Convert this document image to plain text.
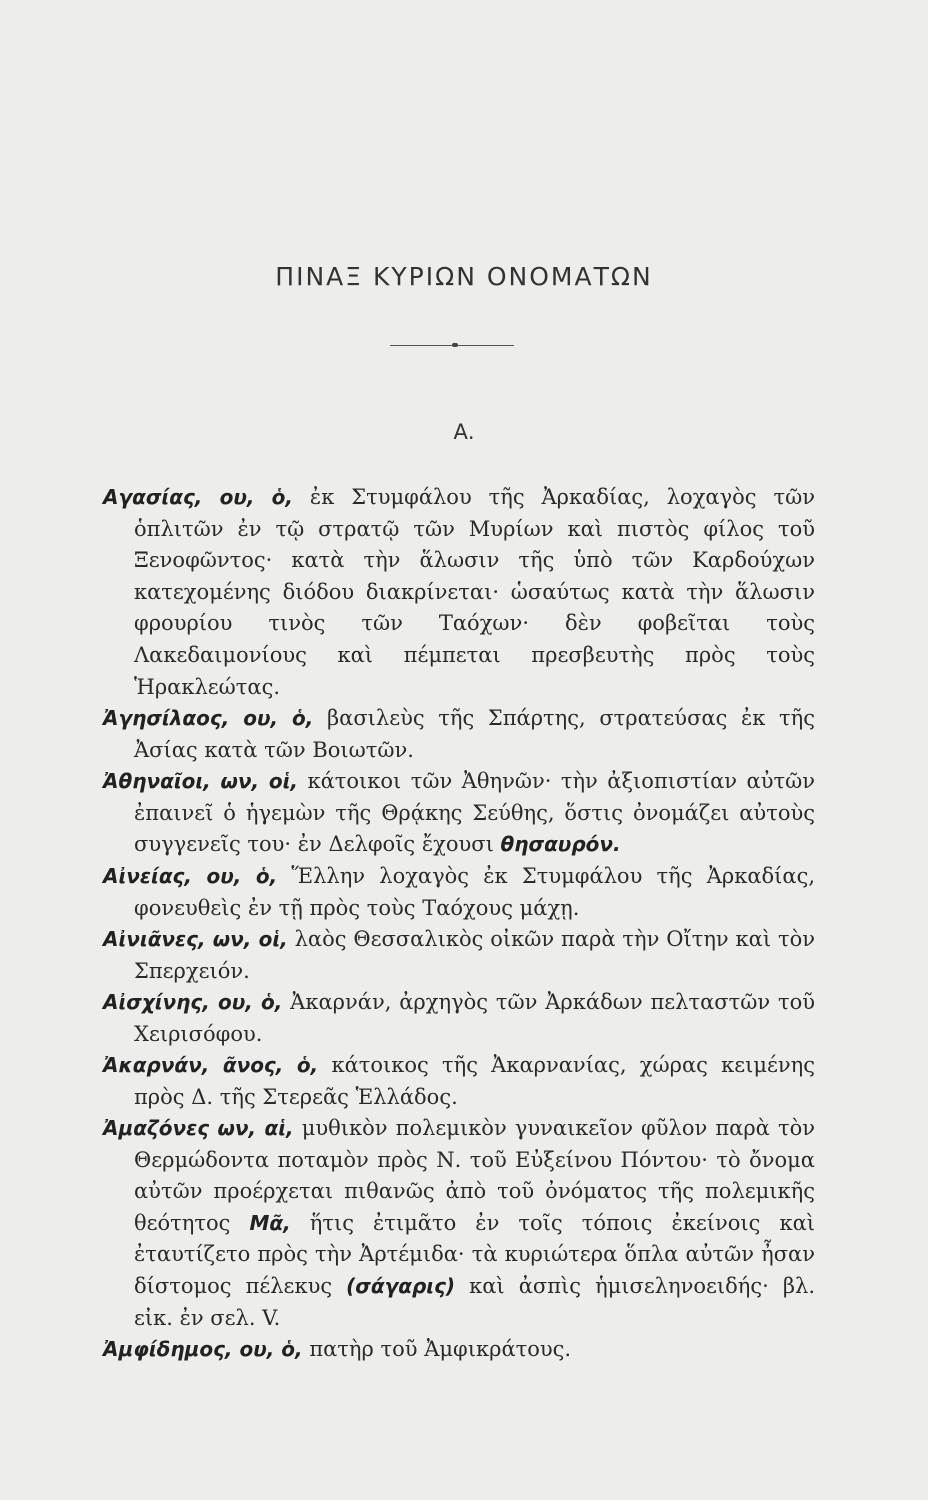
ΠΙΝΑΞ ΚΥΡΙΩΝ ΟΝΟΜΑΤΩΝ
Α.
Αγασίας, ου, ὁ, ἐκ Στυμφάλου τῆς Ἀρκαδίας, λοχαγὸς τῶν ὁπλιτῶν ἐν τῷ στρατῷ τῶν Μυρίων καὶ πιστὸς φίλος τοῦ Ξενοφῶντος· κατὰ τὴν ἅλωσιν τῆς ὑπὸ τῶν Καρδούχων κατεχομένης διόδου διακρίνεται· ὡσαύτως κατὰ τὴν ἅλωσιν φρουρίου τινὸς τῶν Ταόχων· δὲν φοβεῖται τοὺς Λακεδαιμονίους καὶ πέμπεται πρεσβευτὴς πρὸς τοὺς Ἡρακλεώτας.
Ἀγησίλαος, ου, ὁ, βασιλεὺς τῆς Σπάρτης, στρατεύσας ἐκ τῆς Ἀσίας κατὰ τῶν Βοιωτῶν.
Ἀθηναῖοι, ων, οἱ, κάτοικοι τῶν Ἀθηνῶν· τὴν ἀξιοπιστίαν αὐτῶν ἐπαινεῖ ὁ ἡγεμὼν τῆς Θρᾴκης Σεύθης, ὅστις ὀνομάζει αὐτοὺς συγγενεῖς του· ἐν Δελφοῖς ἔχουσι θησαυρόν.
Αἰνείας, ου, ὁ, Ἕλλην λοχαγὸς ἐκ Στυμφάλου τῆς Ἀρκαδίας, φονευθεὶς ἐν τῇ πρὸς τοὺς Ταόχους μάχῃ.
Αἰνιᾶνες, ων, οἱ, λαὸς Θεσσαλικὸς οἰκῶν παρὰ τὴν Οἴτην καὶ τὸν Σπερχειόν.
Αἰσχίνης, ου, ὁ, Ἀκαρνάν, ἀρχηγὸς τῶν Ἀρκάδων πελταστῶν τοῦ Χειρισόφου.
Ἀκαρνάν, ᾶνος, ὁ, κάτοικος τῆς Ἀκαρνανίας, χώρας κειμένης πρὸς Δ. τῆς Στερεᾶς Ἑλλάδος.
Ἀμαζόνες ων, αἱ, μυθικὸν πολεμικὸν γυναικεῖον φῦλον παρὰ τὸν Θερμώδοντα ποταμὸν πρὸς Ν. τοῦ Εὐξείνου Πόντου· τὸ ὄνομα αὐτῶν προέρχεται πιθανῶς ἀπὸ τοῦ ὀνόματος τῆς πολεμικῆς θεότητος Μᾶ, ἥτις ἐτιμᾶτο ἐν τοῖς τόποις ἐκείνοις καὶ ἐταυτίζετο πρὸς τὴν Ἀρτέμιδα· τὰ κυριώτερα ὅπλα αὐτῶν ἦσαν δίστομος πέλεκυς (σάγαρις) καὶ ἀσπὶς ἡμισεληνοειδής· βλ. εἰκ. ἐν σελ. V.
Ἀμφίδημος, ου, ὁ, πατὴρ τοῦ Ἀμφικράτους.
